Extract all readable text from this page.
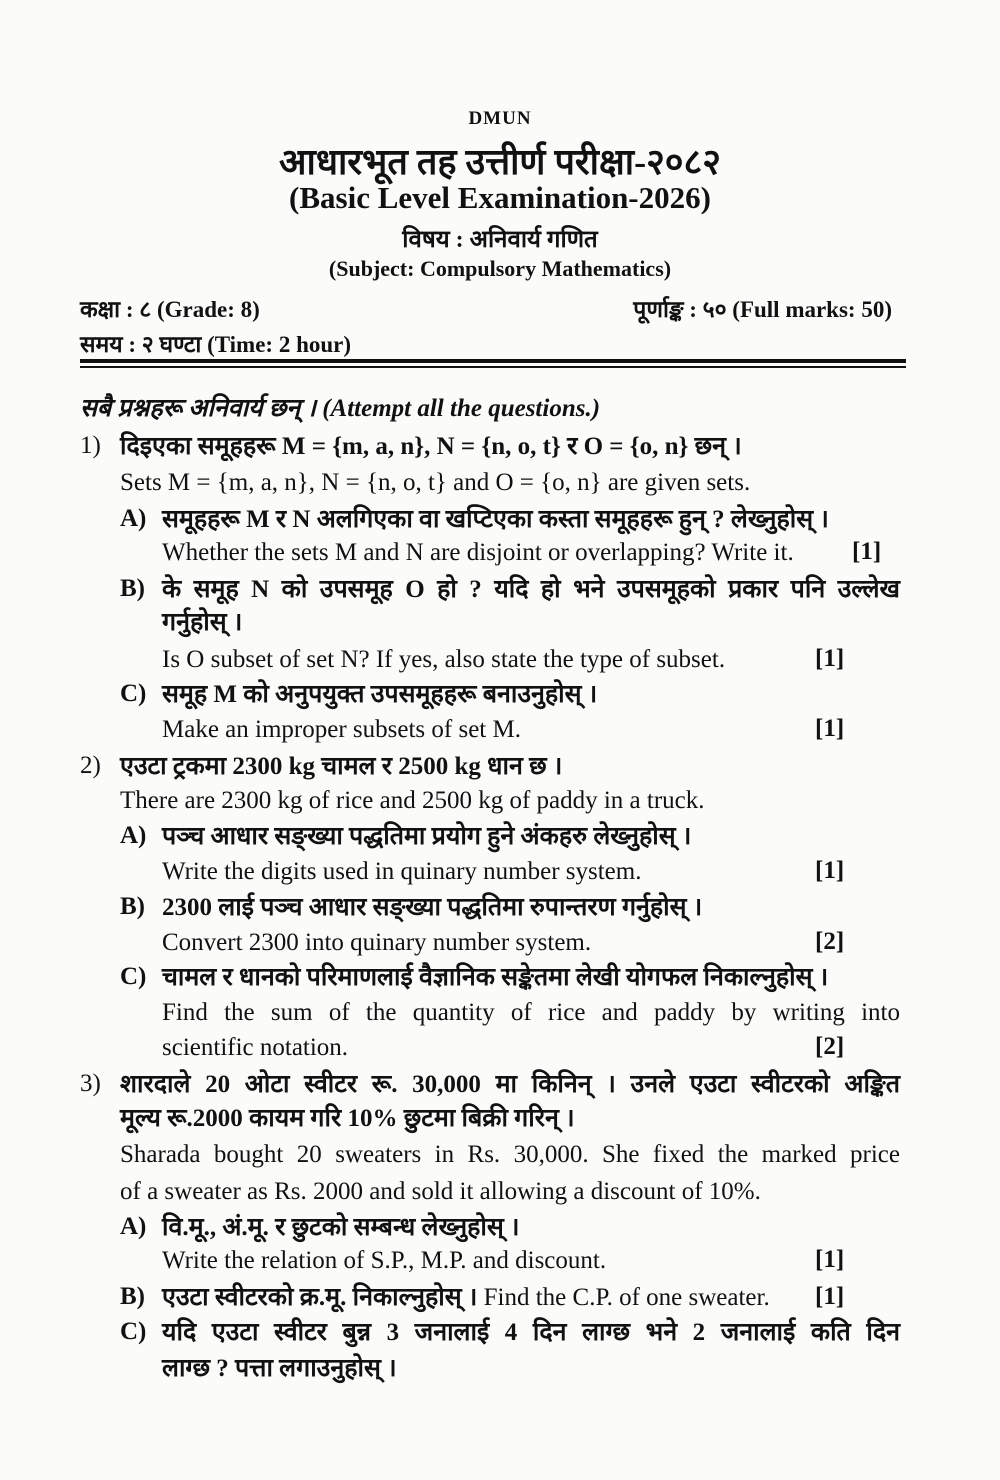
DMUN
आधारभूत तह उत्तीर्ण परीक्षा-२०८२
(Basic Level Examination-2026)
विषय : अनिवार्य गणित
(Subject: Compulsory Mathematics)
कक्षा : ८ (Grade: 8)	पूर्णाङ्क : ५० (Full marks: 50)
समय : २ घण्टा (Time: 2 hour)
सबै प्रश्नहरू अनिवार्य छन् । (Attempt all the questions.)
1) दिइएका समूहहरू M = {m, a, n}, N = {n, o, t} र O = {o, n} छन् ।
Sets M = {m, a, n}, N = {n, o, t} and O = {o, n} are given sets.
A) समूहहरू M र N अलगिएका वा खप्टिएका कस्ता समूहहरू हुन् ? लेख्नुहोस् ।
Whether the sets M and N are disjoint or overlapping? Write it. [1]
B) के समूह N को उपसमूह O हो ? यदि हो भने उपसमूहको प्रकार पनि उल्लेख
गर्नुहोस् ।
Is O subset of set N? If yes, also state the type of subset.	[1]
C) समूह M को अनुपयुक्त उपसमूहहरू बनाउनुहोस् ।
Make an improper subsets of set M.	[1]
2) एउटा ट्रकमा 2300 kg चामल र 2500 kg धान छ ।
There are 2300 kg of rice and 2500 kg of paddy in a truck.
A) पञ्च आधार सङ्ख्या पद्धतिमा प्रयोग हुने अंकहरु लेख्नुहोस् ।
Write the digits used in quinary number system.	[1]
B) 2300 लाई पञ्च आधार सङ्ख्या पद्धतिमा रुपान्तरण गर्नुहोस् ।
Convert 2300 into quinary number system.	[2]
C) चामल र धानको परिमाणलाई वैज्ञानिक सङ्केतमा लेखी योगफल निकाल्नुहोस् ।
Find the sum of the quantity of rice and paddy by writing into
scientific notation.	[2]
3) शारदाले 20 ओटा स्वीटर रू. 30,000 मा किनिन् । उनले एउटा स्वीटरको अङ्कित
मूल्य रू.2000 कायम गरि 10% छुटमा बिक्री गरिन् ।
Sharada bought 20 sweaters in Rs. 30,000. She fixed the marked price
of a sweater as Rs. 2000 and sold it allowing a discount of 10%.
A) वि.मू., अं.मू. र छुटको सम्बन्ध लेख्नुहोस् ।
Write the relation of S.P., M.P. and discount.	[1]
B) एउटा स्वीटरको क्र.मू. निकाल्नुहोस् । Find the C.P. of one sweater. [1]
C) यदि एउटा स्वीटर बुन्न 3 जनालाई 4 दिन लाग्छ भने 2 जनालाई कति दिन
लाग्छ ? पत्ता लगाउनुहोस् ।
